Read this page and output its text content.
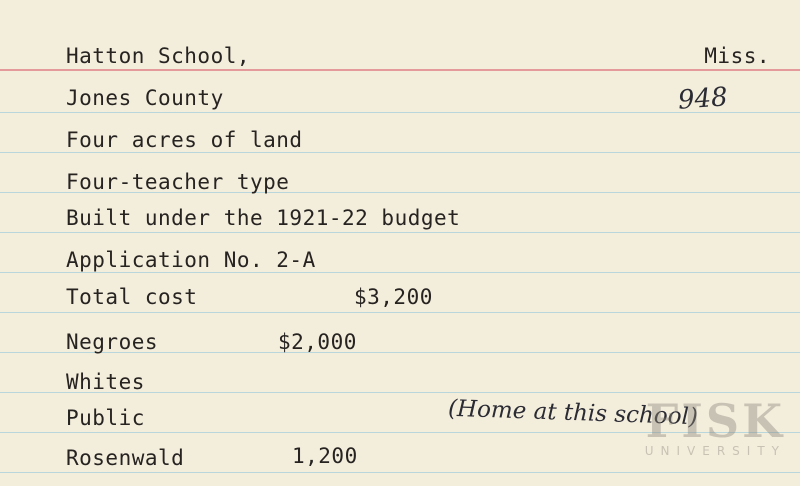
Miss.
948
Hatton School,
Jones County
Four acres of land
Four-teacher type
Built under the 1921-22 budget
Application No. 2-A
Total cost	$3,200
Negroes	$2,000
Whites
Public
Rosenwald	1,200
(Home at this school)
FISK
UNIVERSITY
